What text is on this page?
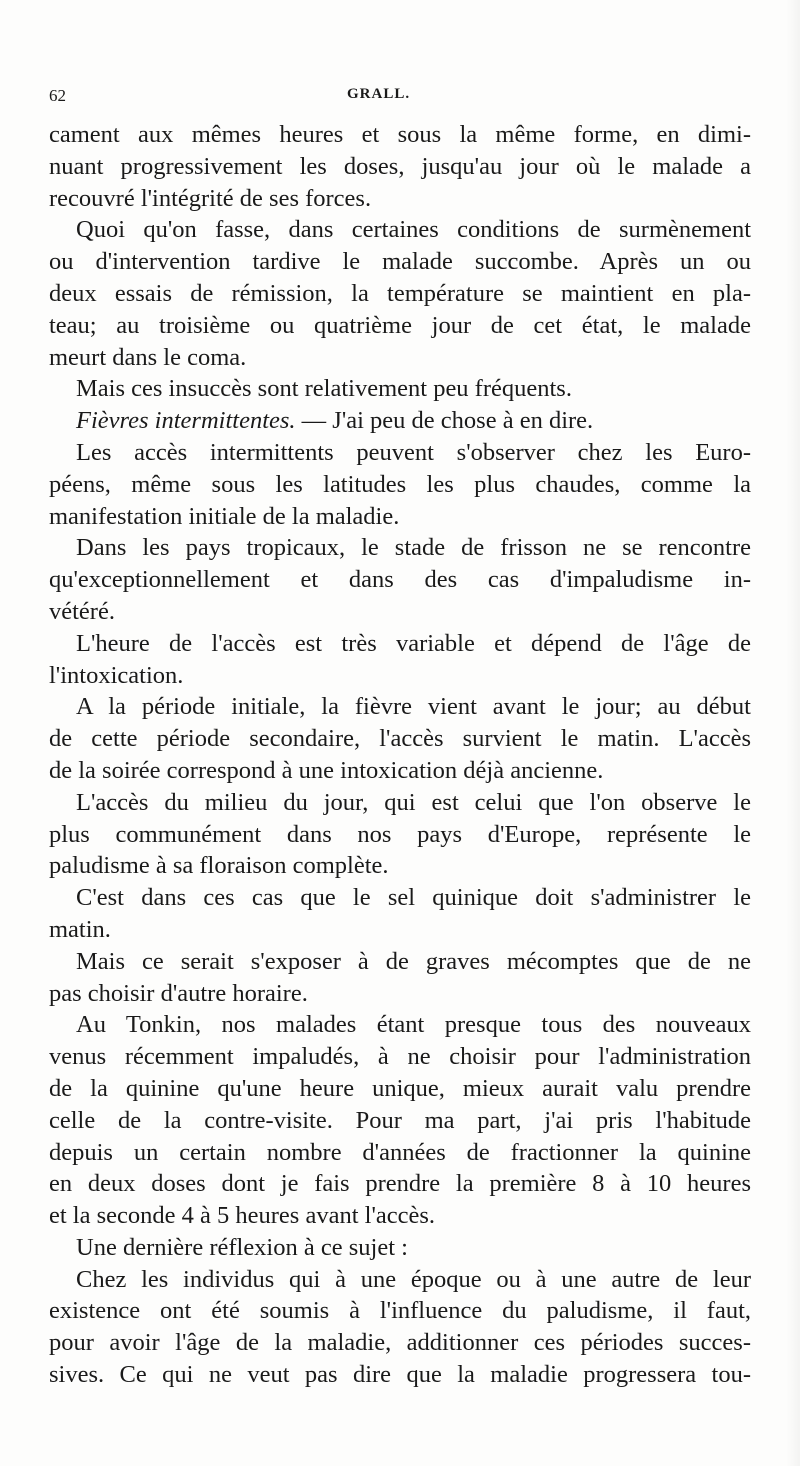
62	GRALL.
cament aux mêmes heures et sous la même forme, en dimi-
nuant progressivement les doses, jusqu'au jour où le malade a
recouvré l'intégrité de ses forces.
Quoi qu'on fasse, dans certaines conditions de surmènement
ou d'intervention tardive le malade succombe. Après un ou
deux essais de rémission, la température se maintient en pla-
teau; au troisième ou quatrième jour de cet état, le malade
meurt dans le coma.
Mais ces insuccès sont relativement peu fréquents.
Fièvres intermittentes. — J'ai peu de chose à en dire.
Les accès intermittents peuvent s'observer chez les Euro-
péens, même sous les latitudes les plus chaudes, comme la
manifestation initiale de la maladie.
Dans les pays tropicaux, le stade de frisson ne se rencontre
qu'exceptionnellement et dans des cas d'impaludisme in-
vétéré.
L'heure de l'accès est très variable et dépend de l'âge de
l'intoxication.
A la période initiale, la fièvre vient avant le jour; au début
de cette période secondaire, l'accès survient le matin. L'accès
de la soirée correspond à une intoxication déjà ancienne.
L'accès du milieu du jour, qui est celui que l'on observe le
plus communément dans nos pays d'Europe, représente le
paludisme à sa floraison complète.
C'est dans ces cas que le sel quinique doit s'administrer le
matin.
Mais ce serait s'exposer à de graves mécomptes que de ne
pas choisir d'autre horaire.
Au Tonkin, nos malades étant presque tous des nouveaux
venus récemment impaludés, à ne choisir pour l'administration
de la quinine qu'une heure unique, mieux aurait valu prendre
celle de la contre-visite. Pour ma part, j'ai pris l'habitude
depuis un certain nombre d'années de fractionner la quinine
en deux doses dont je fais prendre la première 8 à 10 heures
et la seconde 4 à 5 heures avant l'accès.
Une dernière réflexion à ce sujet :
Chez les individus qui à une époque ou à une autre de leur
existence ont été soumis à l'influence du paludisme, il faut,
pour avoir l'âge de la maladie, additionner ces périodes succes-
sives. Ce qui ne veut pas dire que la maladie progressera tou-
